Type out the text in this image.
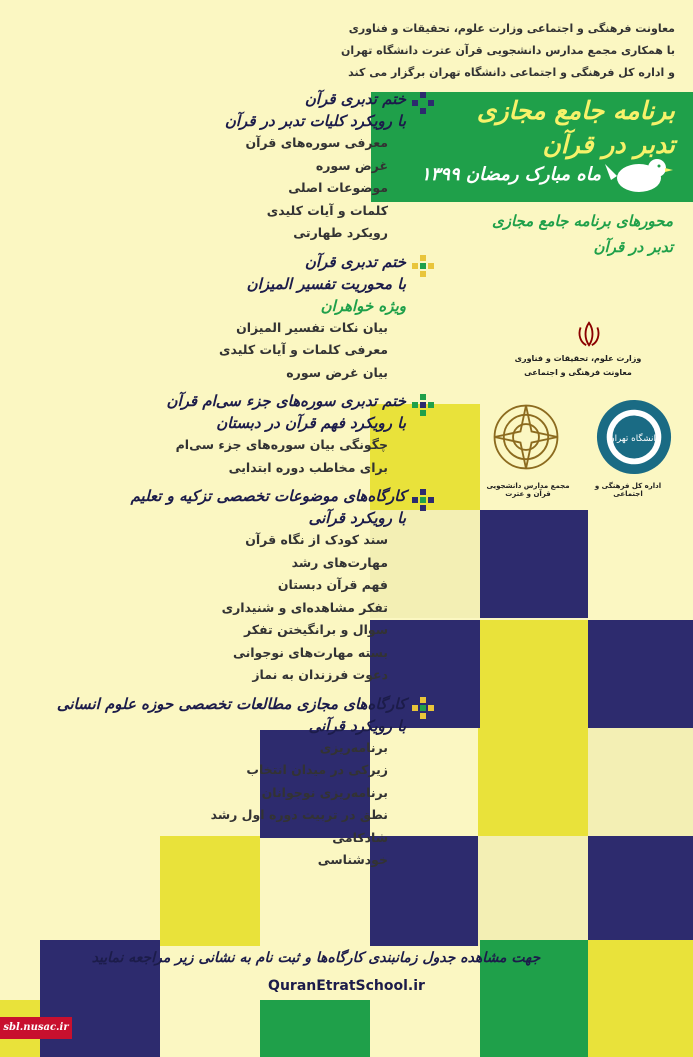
معاونت فرهنگی و اجتماعی وزارت علوم، تحقیقات و فناوری
با همکاری مجمع مدارس دانشجویی قرآن عترت دانشگاه تهران
و اداره کل فرهنگی و اجتماعی دانشگاه تهران برگزار می کند
برنامه جامع مجازی
تدبر در قرآن
ماه مبارک رمضان ۱۳۹۹
محورهای برنامه جامع مجازی
تدبر در قرآن
وزارت علوم، تحقیقات و فناوری
معاونت فرهنگی و اجتماعی
دانشگاه تهران
اداره کل فرهنگی و اجتماعی
مجمع مدارس دانشجویی قرآن و عترت
ختم تدبری قرآن
با رویکرد کلیات تدبر در قرآن
معرفی سوره‌های قرآن
غرض سوره
موضوعات اصلی
کلمات و آیات کلیدی
رویکرد طهارتی
ختم تدبری قرآن
با محوریت تفسیر المیزان
ویژه خواهران
بیان نکات تفسیر المیزان
معرفی کلمات و آیات کلیدی
بیان غرض سوره
ختم تدبری سوره‌های جزء سی‌ام قرآن
با رویکرد فهم قرآن در دبستان
چگونگی بیان سوره‌های جزء سی‌ام
برای مخاطب دوره ابتدایی
کارگاه‌های موضوعات تخصصی تزکیه و تعلیم
با رویکرد قرآنی
سند کودک از نگاه قرآن
مهارت‌های رشد
فهم قرآن دبستان
تفکر مشاهده‌ای و شنیداری
سوال و برانگیختن تفکر
بسته مهارت‌های نوجوانی
دعوت فرزندان به نماز
کارگاه‌های مجازی مطالعات تخصصی حوزه علوم انسانی
با رویکرد قرآنی
برنامه‌ریزی
زیرکی در میدان انتخاب
برنامه‌ریزی نوجوانان
نطق در تربیت دوره اول رشد
شادکامی
خودشناسی
جهت مشاهده جدول زمانبندی کارگاه‌ها و ثبت نام به نشانی زیر مراجعه نمایید
QuranEtratSchool.ir
sbl.nusac.ir
